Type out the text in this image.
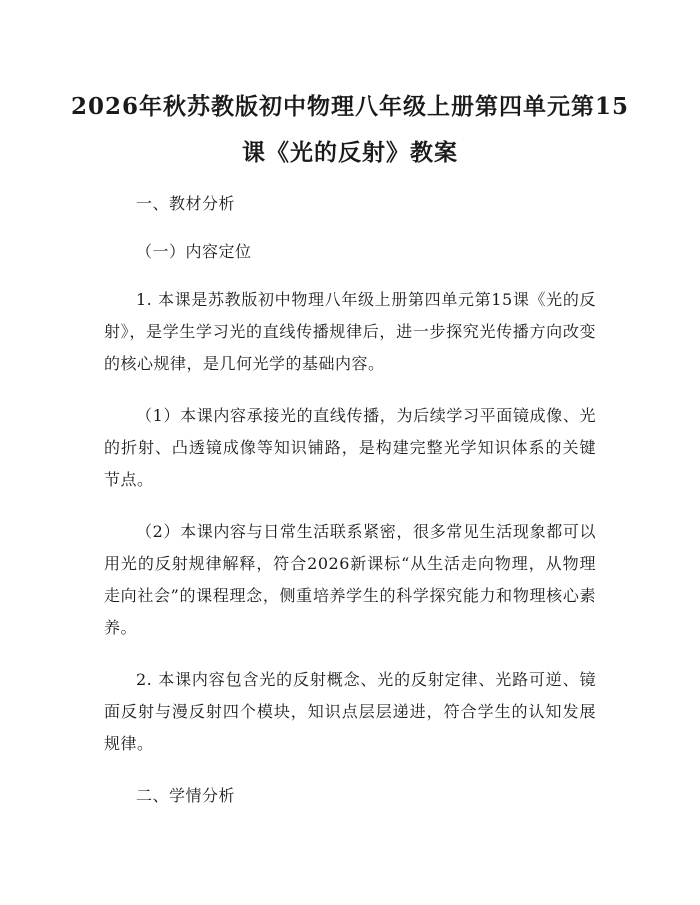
2026年秋苏教版初中物理八年级上册第四单元第15课《光的反射》教案

一、教材分析

（一）内容定位

1. 本课是苏教版初中物理八年级上册第四单元第15课《光的反射》，是学生学习光的直线传播规律后，进一步探究光传播方向改变的核心规律，是几何光学的基础内容。

（1）本课内容承接光的直线传播，为后续学习平面镜成像、光的折射、凸透镜成像等知识铺路，是构建完整光学知识体系的关键节点。

（2）本课内容与日常生活联系紧密，很多常见生活现象都可以用光的反射规律解释，符合2026新课标“从生活走向物理，从物理走向社会”的课程理念，侧重培养学生的科学探究能力和物理核心素养。

2. 本课内容包含光的反射概念、光的反射定律、光路可逆、镜面反射与漫反射四个模块，知识点层层递进，符合学生的认知发展规律。

二、学情分析
